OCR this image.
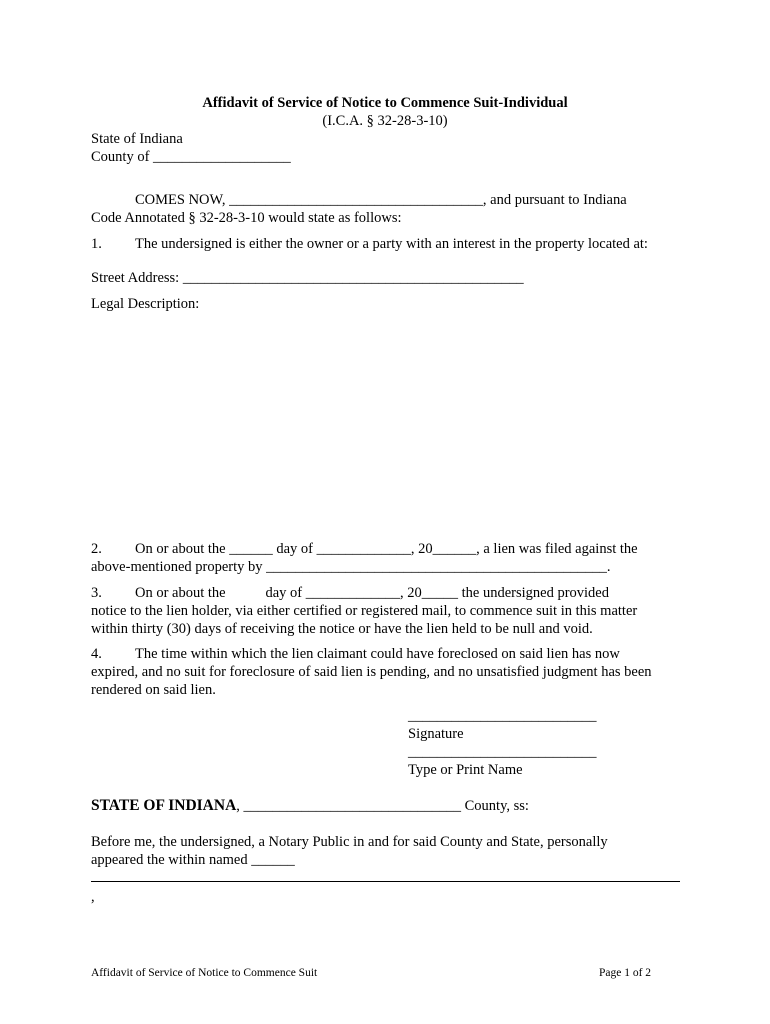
Affidavit of Service of Notice to Commence Suit-Individual
(I.C.A. § 32-28-3-10)
State of Indiana
County of ___________________
COMES NOW, ___________________________________, and pursuant to Indiana
Code Annotated § 32-28-3-10 would state as follows:
1. The undersigned is either the owner or a party with an interest in the property located at:
Street Address: _______________________________________________
Legal Description:
2. On or about the ______ day of _____________, 20______, a lien was filed against the
above-mentioned property by _______________________________________________.
3. On or about the           day of _____________, 20_____ the undersigned provided
notice to the lien holder, via either certified or registered mail, to commence suit in this matter
within thirty (30) days of receiving the notice or have the lien held to be null and void.
4. The time within which the lien claimant could have foreclosed on said lien has now
expired, and no suit for foreclosure of said lien is pending, and no unsatisfied judgment has been
rendered on said lien.
__________________________
Signature
__________________________
Type or Print Name
STATE OF INDIANA, ______________________________ County, ss:
Before me, the undersigned, a Notary Public in and for said County and State, personally
appeared the within named ______
,
Affidavit of Service of Notice to Commence Suit	Page 1 of 2
